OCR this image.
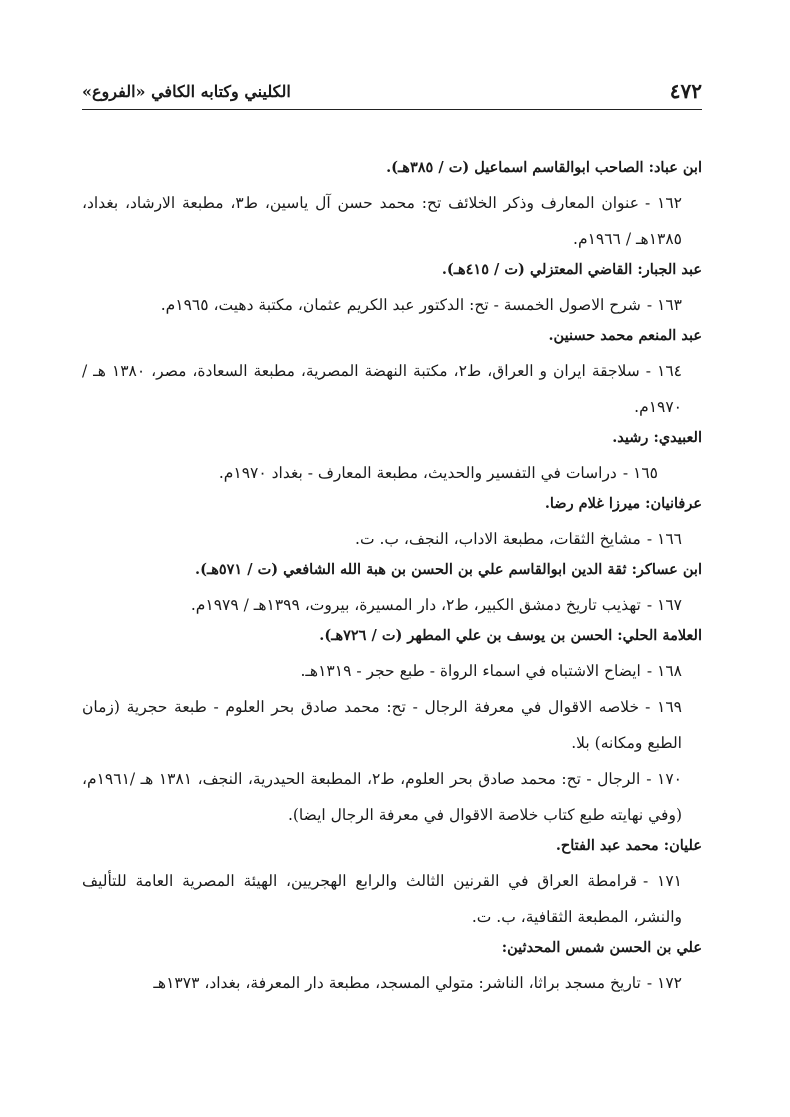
٤٧٢
الكليني وكتابه الكافي «الفروع»
ابن عباد: الصاحب ابوالقاسم اسماعيل (ت / ٣٨٥هـ).
١٦٢ -عنوان المعارف وذكر الخلائف تح: محمد حسن آل ياسين، ط٣، مطبعة الارشاد، بغداد، ١٣٨٥هـ / ١٩٦٦م.
عبد الجبار: القاضي المعتزلي (ت / ٤١٥هـ).
١٦٣ -شرح الاصول الخمسة - تح: الدكتور عبد الكريم عثمان، مكتبة دهيت، ١٩٦٥م.
عبد المنعم محمد حسنين.
١٦٤ -سلاجقة ايران و العراق، ط٢، مكتبة النهضة المصرية، مطبعة السعادة، مصر، ١٣٨٠ هـ /١٩٧٠م.
العبيدي: رشيد.
١٦٥ -دراسات في التفسير والحديث، مطبعة المعارف - بغداد ١٩٧٠م.
عرفانيان: ميرزا غلام رضا.
١٦٦ -مشايخ الثقات، مطبعة الاداب، النجف، ب. ت.
ابن عساكر: ثقة الدين ابوالقاسم علي بن الحسن بن هبة الله الشافعي (ت / ٥٧١هـ).
١٦٧ -تهذيب تاريخ دمشق الكبير، ط٢، دار المسيرة، بيروت، ١٣٩٩هـ / ١٩٧٩م.
العلامة الحلي: الحسن بن يوسف بن علي المطهر (ت / ٧٢٦هـ).
١٦٨ -ايضاح الاشتباه في اسماء الرواة - طبع حجر - ١٣١٩هـ.
١٦٩ -خلاصه الاقوال في معرفة الرجال - تح: محمد صادق بحر العلوم - طبعة حجرية (زمان الطبع ومكانه) بلا.
١٧٠ -الرجال - تح: محمد صادق بحر العلوم، ط٢، المطبعة الحيدرية، النجف، ١٣٨١ هـ /١٩٦١م، (وفي نهايته طبع كتاب خلاصة الاقوال في معرفة الرجال ايضا).
عليان: محمد عبد الفتاح.
١٧١ -قرامطة العراق في القرنين الثالث والرابع الهجريين، الهيئة المصرية العامة للتأليف والنشر، المطبعة الثقافية، ب. ت.
علي بن الحسن شمس المحدثين:
١٧٢ -تاريخ مسجد براثا، الناشر: متولي المسجد، مطبعة دار المعرفة، بغداد، ١٣٧٣هـ
